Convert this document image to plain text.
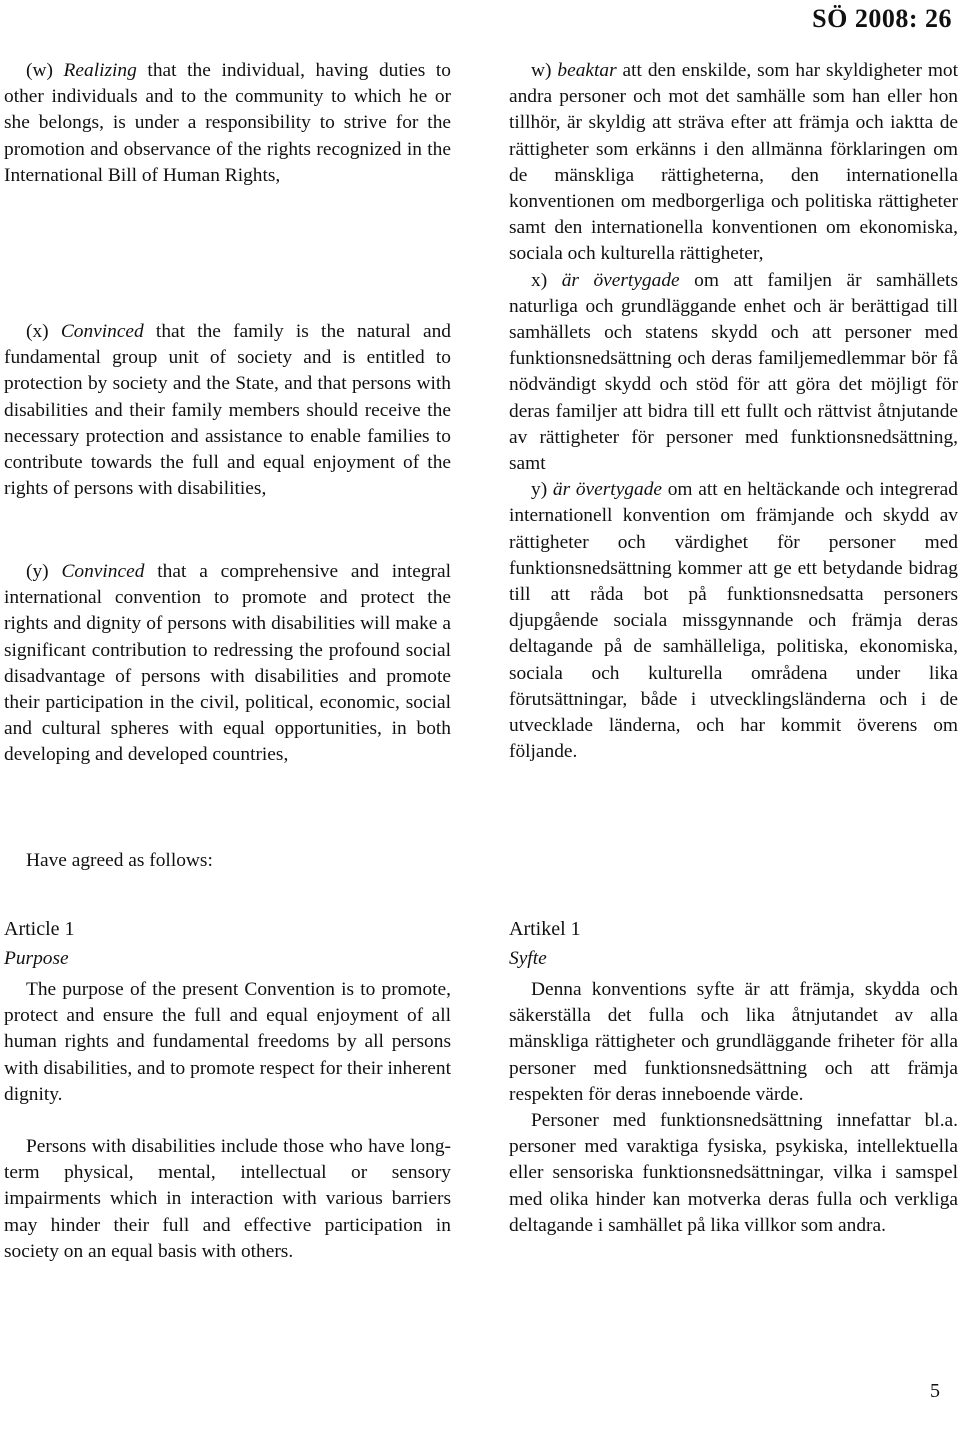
SÖ 2008: 26

(w) Realizing that the individual, having duties to other individuals and to the community to which he or she belongs, is under a responsibility to strive for the promotion and observance of the rights recognized in the International Bill of Human Rights,

(x) Convinced that the family is the natural and fundamental group unit of society and is entitled to protection by society and the State, and that persons with disabilities and their family members should receive the necessary protection and assistance to enable families to contribute towards the full and equal enjoyment of the rights of persons with disabilities,

(y) Convinced that a comprehensive and integral international convention to promote and protect the rights and dignity of persons with disabilities will make a significant contribution to redressing the profound social disadvantage of persons with disabilities and promote their participation in the civil, political, economic, social and cultural spheres with equal opportunities, in both developing and developed countries,

Have agreed as follows:

w) beaktar att den enskilde, som har skyldigheter mot andra personer och mot det samhälle som han eller hon tillhör, är skyldig att sträva efter att främja och iaktta de rättigheter som erkänns i den allmänna förklaringen om de mänskliga rättigheterna, den internationella konventionen om medborgerliga och politiska rättigheter samt den internationella konventionen om ekonomiska, sociala och kulturella rättigheter,

x) är övertygade om att familjen är samhällets naturliga och grundläggande enhet och är berättigad till samhällets och statens skydd och att personer med funktionsnedsättning och deras familjemedlemmar bör få nödvändigt skydd och stöd för att göra det möjligt för deras familjer att bidra till ett fullt och rättvist åtnjutande av rättigheter för personer med funktionsnedsättning, samt

y) är övertygade om att en heltäckande och integrerad internationell konvention om främjande och skydd av rättigheter och värdighet för personer med funktionsnedsättning kommer att ge ett betydande bidrag till att råda bot på funktionsnedsatta personers djupgående sociala missgynnande och främja deras deltagande på de samhälleliga, politiska, ekonomiska, sociala och kulturella områdena under lika förutsättningar, både i utvecklingsländerna och i de utvecklade länderna, och har kommit överens om följande.

Article 1

Purpose

The purpose of the present Convention is to promote, protect and ensure the full and equal enjoyment of all human rights and fundamental freedoms by all persons with disabilities, and to promote respect for their inherent dignity.

Persons with disabilities include those who have long-term physical, mental, intellectual or sensory impairments which in interaction with various barriers may hinder their full and effective participation in society on an equal basis with others.

Artikel 1

Syfte

Denna konventions syfte är att främja, skydda och säkerställa det fulla och lika åtnjutandet av alla mänskliga rättigheter och grundläggande friheter för alla personer med funktionsnedsättning och att främja respekten för deras inneboende värde.

Personer med funktionsnedsättning innefattar bl.a. personer med varaktiga fysiska, psykiska, intellektuella eller sensoriska funktionsnedsättningar, vilka i samspel med olika hinder kan motverka deras fulla och verkliga deltagande i samhället på lika villkor som andra.

5
